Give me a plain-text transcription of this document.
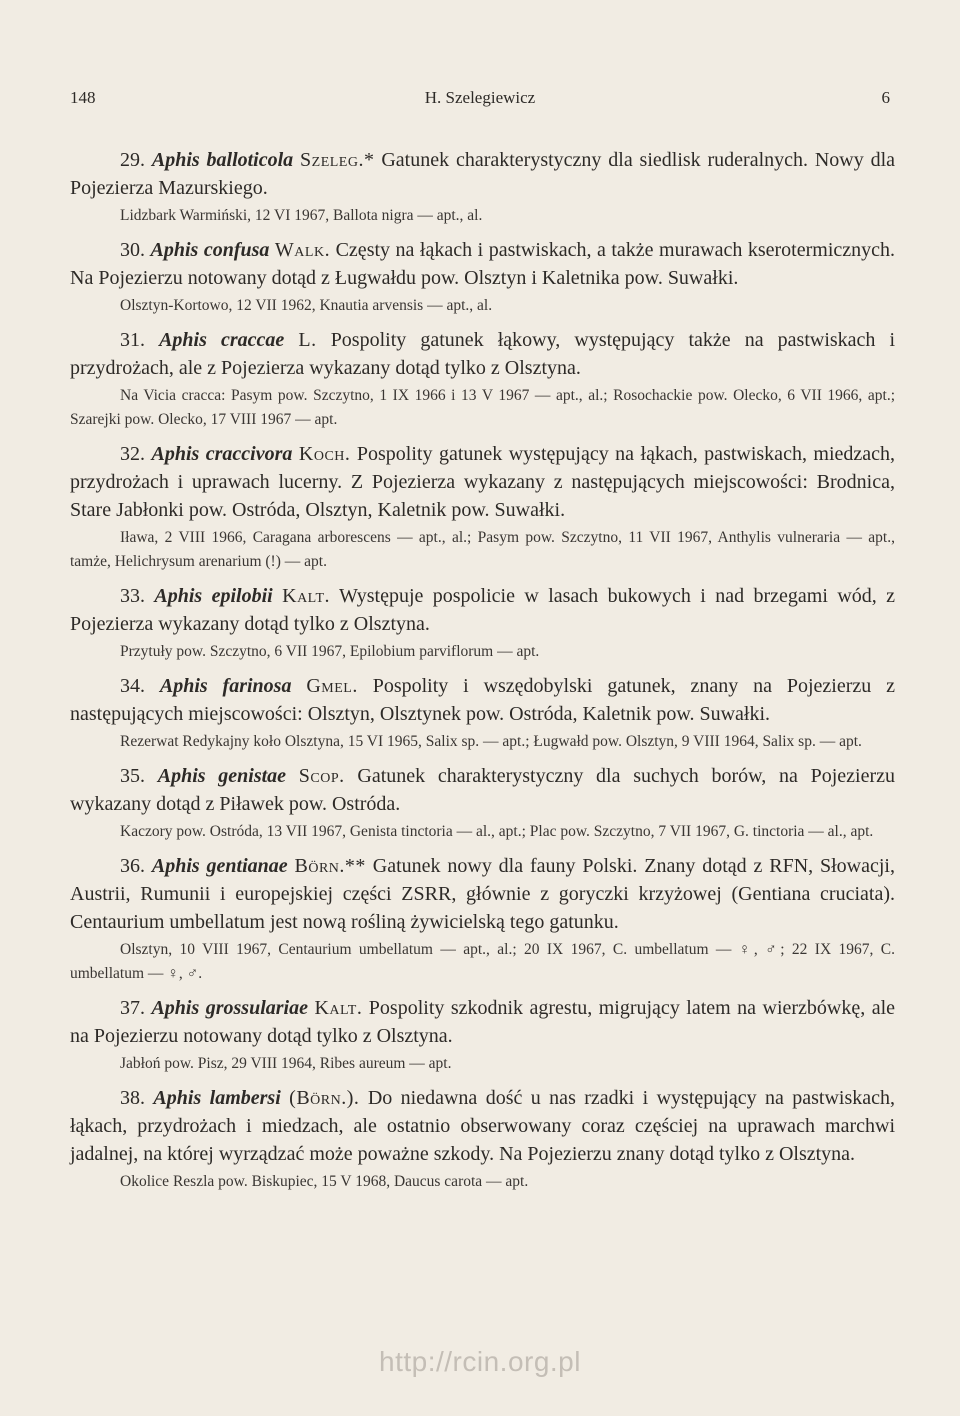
148	H. Szelegiewicz	6

29. Aphis balloticola Szeleg.* Gatunek charakterystyczny dla siedlisk ruderalnych. Nowy dla Pojezierza Mazurskiego.

Lidzbark Warmiński, 12 VI 1967, Ballota nigra — apt., al.

30. Aphis confusa Walk. Częsty na łąkach i pastwiskach, a także murawach kserotermicznych. Na Pojezierzu notowany dotąd z Ługwałdu pow. Olsztyn i Kaletnika pow. Suwałki.

Olsztyn-Kortowo, 12 VII 1962, Knautia arvensis — apt., al.

31. Aphis craccae L. Pospolity gatunek łąkowy, występujący także na pastwiskach i przydrożach, ale z Pojezierza wykazany dotąd tylko z Olsztyna.

Na Vicia cracca: Pasym pow. Szczytno, 1 IX 1966 i 13 V 1967 — apt., al.; Rosochackie pow. Olecko, 6 VII 1966, apt.; Szarejki pow. Olecko, 17 VIII 1967 — apt.

32. Aphis craccivora Koch. Pospolity gatunek występujący na łąkach, pastwiskach, miedzach, przydrożach i uprawach lucerny. Z Pojezierza wykazany z następujących miejscowości: Brodnica, Stare Jabłonki pow. Ostróda, Olsztyn, Kaletnik pow. Suwałki.

Iława, 2 VIII 1966, Caragana arborescens — apt., al.; Pasym pow. Szczytno, 11 VII 1967, Anthylis vulneraria — apt., tamże, Helichrysum arenarium (!) — apt.

33. Aphis epilobii Kalt. Występuje pospolicie w lasach bukowych i nad brzegami wód, z Pojezierza wykazany dotąd tylko z Olsztyna.

Przytuły pow. Szczytno, 6 VII 1967, Epilobium parviflorum — apt.

34. Aphis farinosa Gmel. Pospolity i wszędobylski gatunek, znany na Pojezierzu z następujących miejscowości: Olsztyn, Olsztynek pow. Ostróda, Kaletnik pow. Suwałki.

Rezerwat Redykajny koło Olsztyna, 15 VI 1965, Salix sp. — apt.; Ługwałd pow. Olsztyn, 9 VIII 1964, Salix sp. — apt.

35. Aphis genistae Scop. Gatunek charakterystyczny dla suchych borów, na Pojezierzu wykazany dotąd z Piławek pow. Ostróda.

Kaczory pow. Ostróda, 13 VII 1967, Genista tinctoria — al., apt.; Plac pow. Szczytno, 7 VII 1967, G. tinctoria — al., apt.

36. Aphis gentianae Börn.** Gatunek nowy dla fauny Polski. Znany dotąd z RFN, Słowacji, Austrii, Rumunii i europejskiej części ZSRR, głównie z goryczki krzyżowej (Gentiana cruciata). Centaurium umbellatum jest nową rośliną żywicielską tego gatunku.

Olsztyn, 10 VIII 1967, Centaurium umbellatum — apt., al.; 20 IX 1967, C. umbellatum — ♀, ♂; 22 IX 1967, C. umbellatum — ♀, ♂.

37. Aphis grossulariae Kalt. Pospolity szkodnik agrestu, migrujący latem na wierzbówkę, ale na Pojezierzu notowany dotąd tylko z Olsztyna.

Jabłoń pow. Pisz, 29 VIII 1964, Ribes aureum — apt.

38. Aphis lambersi (Börn.). Do niedawna dość u nas rzadki i występujący na pastwiskach, łąkach, przydrożach i miedzach, ale ostatnio obserwowany coraz częściej na uprawach marchwi jadalnej, na której wyrządzać może poważne szkody. Na Pojezierzu znany dotąd tylko z Olsztyna.

Okolice Reszla pow. Biskupiec, 15 V 1968, Daucus carota — apt.

http://rcin.org.pl
